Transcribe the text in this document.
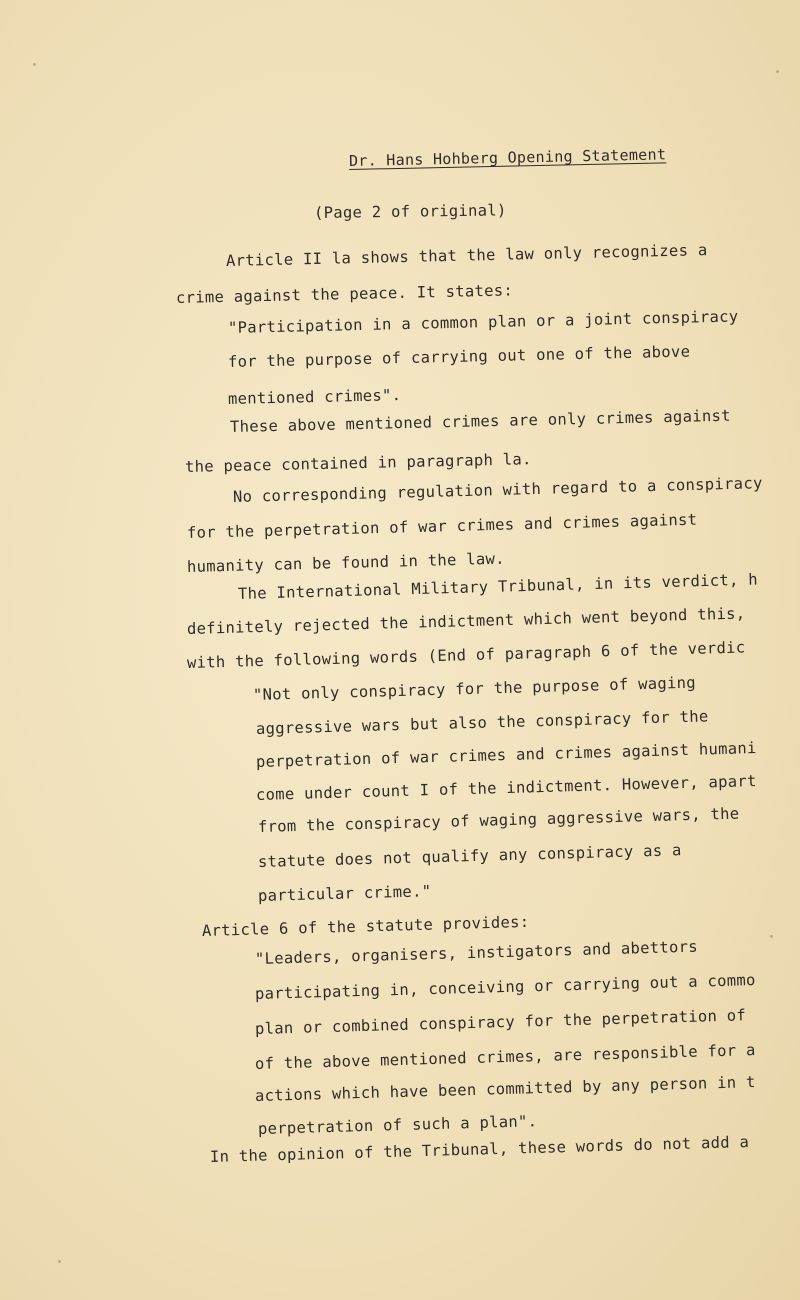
Dr. Hans Hohberg Opening Statement
(Page 2 of original)
Article II la shows that the law only recognizes a
crime against the peace. It states:
"Participation in a common plan or a joint conspiracy
for the purpose of carrying out one of the above
mentioned crimes".
These above mentioned crimes are only crimes against
the peace contained in paragraph la.
No corresponding regulation with regard to a conspiracy
for the perpetration of war crimes and crimes against
humanity can be found in the law.
The International Military Tribunal, in its verdict, h
definitely rejected the indictment which went beyond this,
with the following words (End of paragraph 6 of the verdic
"Not only conspiracy for the purpose of waging
aggressive wars but also the conspiracy for the
perpetration of war crimes and crimes against humani
come under count I of the indictment. However, apart
from the conspiracy of waging aggressive wars, the
statute does not qualify any conspiracy as a
particular crime."
Article 6 of the statute provides:
"Leaders, organisers, instigators and abettors
participating in, conceiving or carrying out a commo
plan or combined conspiracy for the perpetration of
of the above mentioned crimes, are responsible for a
actions which have been committed by any person in t
perpetration of such a plan".
In the opinion of the Tribunal, these words do not add a
